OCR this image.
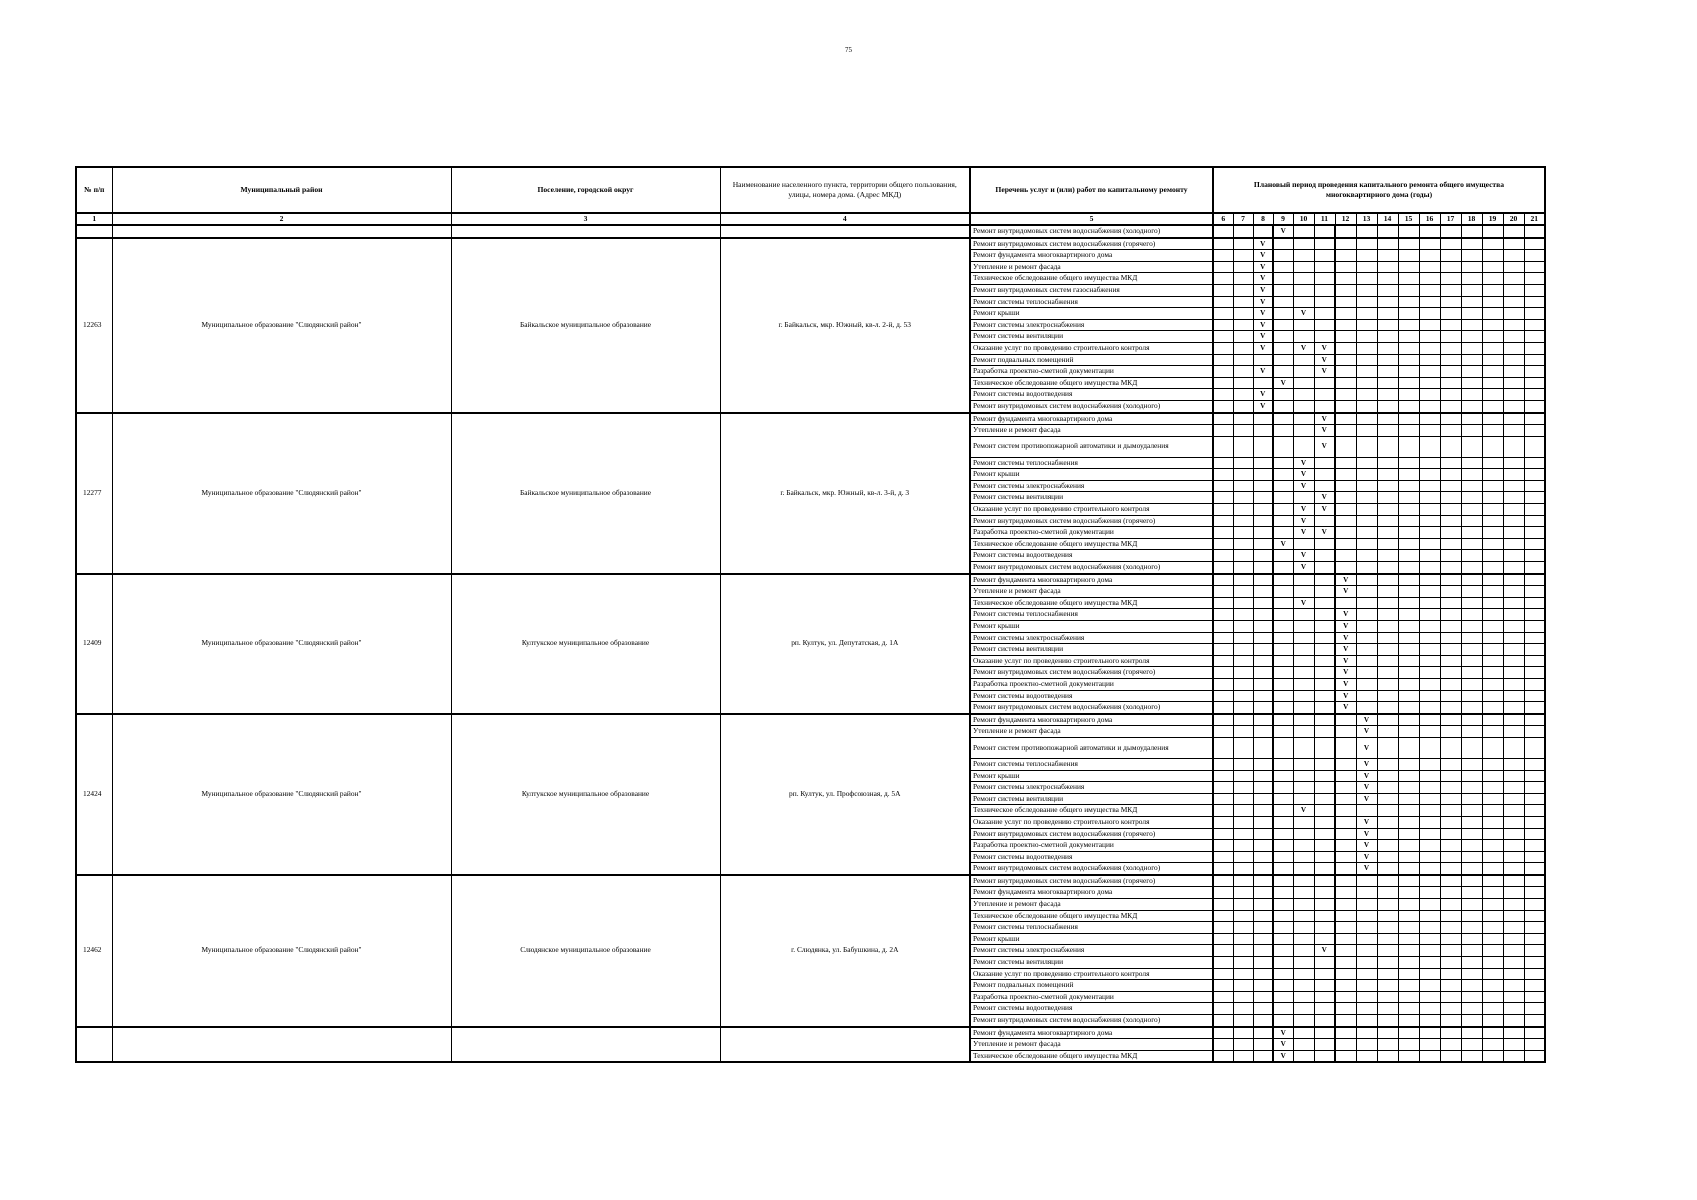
75
№ п/п	Муниципальный район	Поселение, городской округ	Наименование населенного пункта, территории общего пользования, улицы, номера дома. (Адрес МКД)	Перечень услуг и (или) работ по капитальному ремонту	Плановый период проведения капитального ремонта общего имущества многоквартирного дома (годы)															
1	2	3	4	5	6	7	8	9	10	11	12	13	14	15	16	17	18	19	20	21
				Ремонт внутридомовых систем водоснабжения (холодного)				V												
12263	Муниципальное образование "Слюдянский район"	Байкальское муниципальное образование	г. Байкальск, мкр. Южный, кв-л. 2-й, д. 53	Ремонт внутридомовых систем водоснабжения (горячего)			V													
				Ремонт фундамента многоквартирного дома			V													
				Утепление и ремонт фасада			V													
				Техническое обследование общего имущества МКД			V													
				Ремонт внутридомовых систем газоснабжения			V													
				Ремонт системы теплоснабжения			V													
				Ремонт крыши			V		V											
				Ремонт системы электроснабжения			V													
				Ремонт системы вентиляции			V													
				Оказание услуг по проведению строительного контроля			V		V	V										
				Ремонт подвальных помещений						V										
				Разработка проектно-сметной документации			V			V										
				Техническое обследование общего имущества МКД				V												
				Ремонт системы водоотведения			V													
				Ремонт внутридомовых систем водоснабжения (холодного)			V													
12277	Муниципальное образование "Слюдянский район"	Байкальское муниципальное образование	г. Байкальск, мкр. Южный, кв-л. 3-й, д. 3	Ремонт фундамента многоквартирного дома						V										
				Утепление и ремонт фасада						V										
				Ремонт систем противопожарной автоматики и дымоудаления						V										
				Ремонт системы теплоснабжения					V											
				Ремонт крыши					V											
				Ремонт системы электроснабжения					V											
				Ремонт системы вентиляции						V										
				Оказание услуг по проведению строительного контроля					V	V										
				Ремонт внутридомовых систем водоснабжения (горячего)					V											
				Разработка проектно-сметной документации					V	V										
				Техническое обследование общего имущества МКД				V												
				Ремонт системы водоотведения					V											
				Ремонт внутридомовых систем водоснабжения (холодного)					V											
12409	Муниципальное образование "Слюдянский район"	Култукское муниципальное образование	рп. Култук, ул. Депутатская, д. 1А	Ремонт фундамента многоквартирного дома							V									
				Утепление и ремонт фасада							V									
				Техническое обследование общего имущества МКД					V											
				Ремонт системы теплоснабжения							V									
				Ремонт крыши							V									
				Ремонт системы электроснабжения							V									
				Ремонт системы вентиляции							V									
				Оказание услуг по проведению строительного контроля							V									
				Ремонт внутридомовых систем водоснабжения (горячего)							V									
				Разработка проектно-сметной документации							V									
				Ремонт системы водоотведения							V									
				Ремонт внутридомовых систем водоснабжения (холодного)							V									
12424	Муниципальное образование "Слюдянский район"	Култукское муниципальное образование	рп. Култук, ул. Профсоюзная, д. 5А	Ремонт фундамента многоквартирного дома								V								
				Утепление и ремонт фасада								V								
				Ремонт систем противопожарной автоматики и дымоудаления								V								
				Ремонт системы теплоснабжения								V								
				Ремонт крыши								V								
				Ремонт системы электроснабжения								V								
				Ремонт системы вентиляции								V								
				Техническое обследование общего имущества МКД					V											
				Оказание услуг по проведению строительного контроля								V								
				Ремонт внутридомовых систем водоснабжения (горячего)								V								
				Разработка проектно-сметной документации								V								
				Ремонт системы водоотведения								V								
				Ремонт внутридомовых систем водоснабжения (холодного)								V								
12462	Муниципальное образование "Слюдянский район"	Слюдянское муниципальное образование	г. Слюдянка, ул. Бабушкина, д. 2А	Ремонт внутридомовых систем водоснабжения (горячего)																
				Ремонт фундамента многоквартирного дома																
				Утепление и ремонт фасада																
				Техническое обследование общего имущества МКД																
				Ремонт системы теплоснабжения																
				Ремонт крыши																
				Ремонт системы электроснабжения						V										
				Ремонт системы вентиляции																
				Оказание услуг по проведению строительного контроля																
				Ремонт подвальных помещений																
				Разработка проектно-сметной документации																
				Ремонт системы водоотведения																
				Ремонт внутридомовых систем водоснабжения (холодного)																
				Ремонт фундамента многоквартирного дома				V												
				Утепление и ремонт фасада				V												
				Техническое обследование общего имущества МКД				V												
